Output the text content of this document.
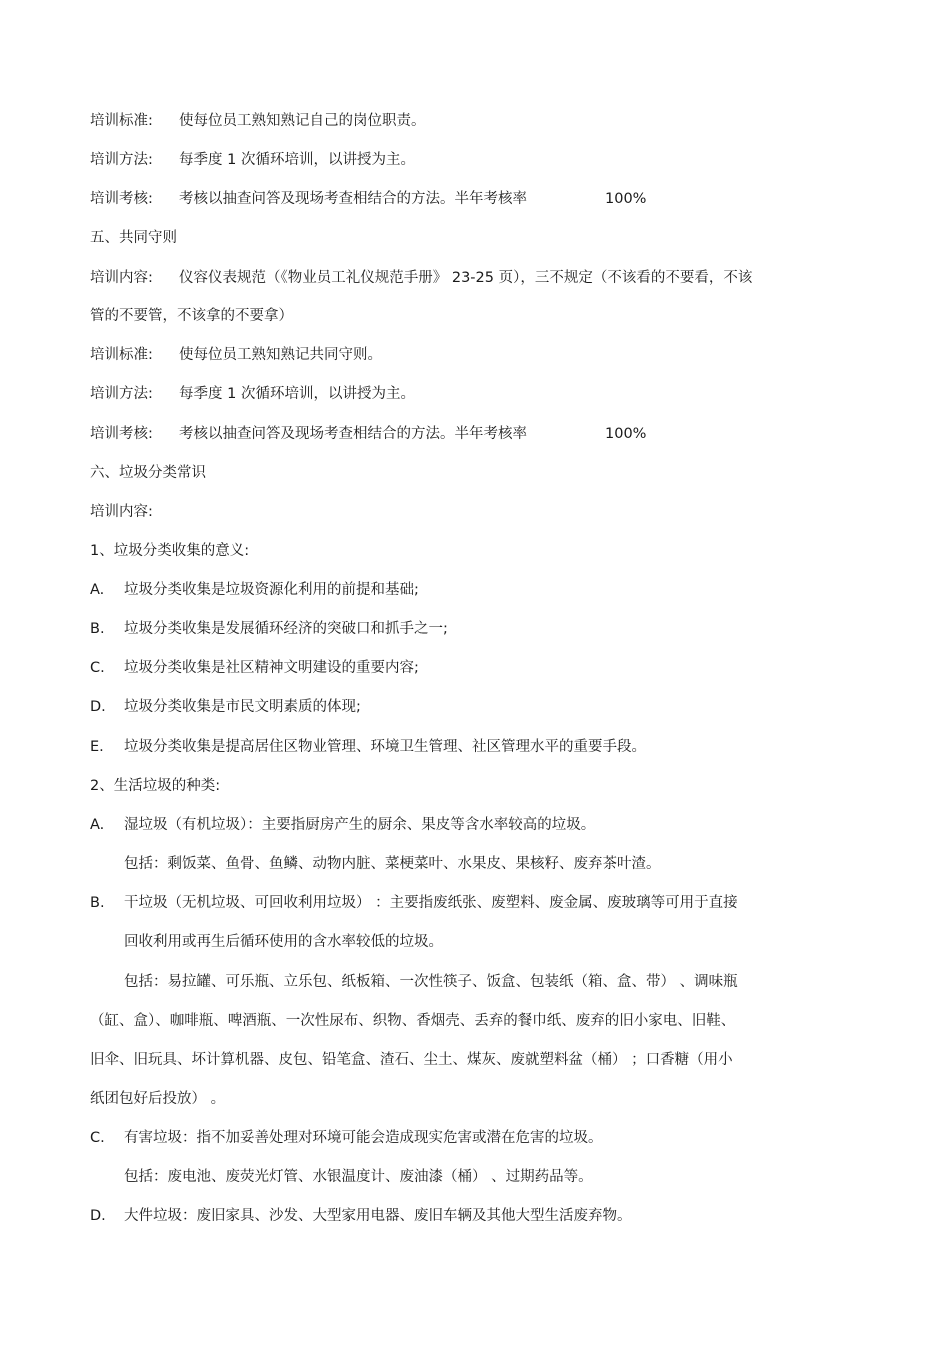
培训标准: 使每位员工熟知熟记自己的岗位职责。
培训方法: 每季度 1 次循环培训，以讲授为主。
培训考核: 考核以抽查问答及现场考查相结合的方法。半年考核率	100%
五、共同守则
培训内容: 仪容仪表规范（《物业员工礼仪规范手册》 23-25 页），三不规定（不该看的不要看，不该
管的不要管，不该拿的不要拿）
培训标准: 使每位员工熟知熟记共同守则。
培训方法: 每季度 1 次循环培训，以讲授为主。
培训考核: 考核以抽查问答及现场考查相结合的方法。半年考核率	100%
六、垃圾分类常识
培训内容:
1、垃圾分类收集的意义:
A. 垃圾分类收集是垃圾资源化利用的前提和基础;
B. 垃圾分类收集是发展循环经济的突破口和抓手之一;
C. 垃圾分类收集是社区精神文明建设的重要内容;
D. 垃圾分类收集是市民文明素质的体现;
E. 垃圾分类收集是提高居住区物业管理、环境卫生管理、社区管理水平的重要手段。
2、生活垃圾的种类:
A. 湿垃圾（有机垃圾）：主要指厨房产生的厨余、果皮等含水率较高的垃圾。
包括：剩饭菜、鱼骨、鱼鳞、动物内脏、菜梗菜叶、水果皮、果核籽、废弃茶叶渣。
B. 干垃圾（无机垃圾、可回收利用垃圾） ：主要指废纸张、废塑料、废金属、废玻璃等可用于直接
回收利用或再生后循环使用的含水率较低的垃圾。
包括：易拉罐、可乐瓶、立乐包、纸板箱、一次性筷子、饭盒、包装纸（箱、盒、带） 、调味瓶
（缸、盒）、咖啡瓶、啤酒瓶、一次性尿布、织物、香烟壳、丢弃的餐巾纸、废弃的旧小家电、旧鞋、
旧伞、旧玩具、坏计算机器、皮包、铅笔盒、渣石、尘土、煤灰、废就塑料盆（桶） ；口香糖（用小
纸团包好后投放） 。
C. 有害垃圾：指不加妥善处理对环境可能会造成现实危害或潜在危害的垃圾。
包括：废电池、废荧光灯管、水银温度计、废油漆（桶） 、过期药品等。
D. 大件垃圾：废旧家具、沙发、大型家用电器、废旧车辆及其他大型生活废弃物。
